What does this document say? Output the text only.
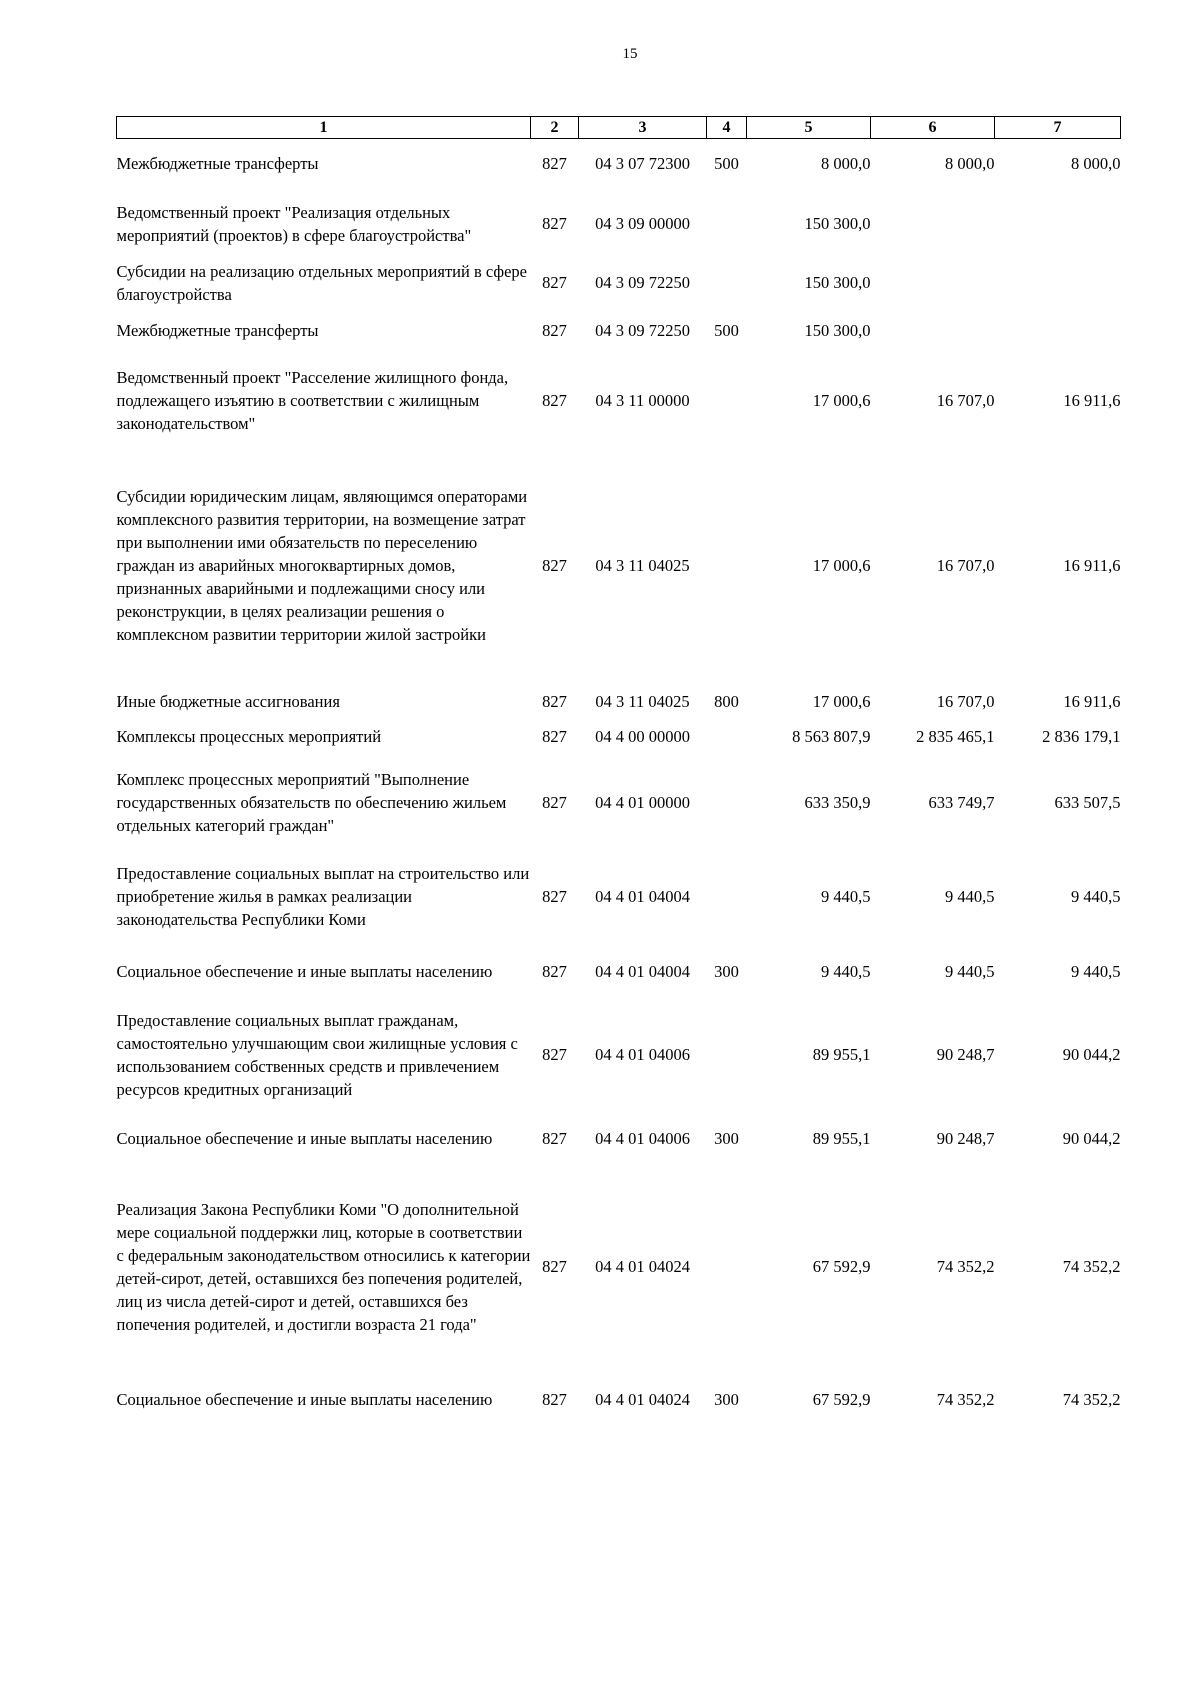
15
1	2	3	4	5	6	7
Межбюджетные трансферты	827	04 3 07 72300	500	8 000,0	8 000,0	8 000,0
Ведомственный проект "Реализация отдельных мероприятий (проектов) в сфере благоустройства"	827	04 3 09 00000		150 300,0		
Субсидии на реализацию отдельных мероприятий в сфере благоустройства	827	04 3 09 72250		150 300,0		
Межбюджетные трансферты	827	04 3 09 72250	500	150 300,0		
Ведомственный проект "Расселение жилищного фонда, подлежащего изъятию в соответствии с жилищным законодательством"	827	04 3 11 00000		17 000,6	16 707,0	16 911,6
Субсидии юридическим лицам, являющимся операторами комплексного развития территории, на возмещение затрат при выполнении ими обязательств по переселению граждан из аварийных многоквартирных домов, признанных аварийными и подлежащими сносу или реконструкции, в целях реализации решения о комплексном развитии территории жилой застройки	827	04 3 11 04025		17 000,6	16 707,0	16 911,6
Иные бюджетные ассигнования	827	04 3 11 04025	800	17 000,6	16 707,0	16 911,6
Комплексы процессных мероприятий	827	04 4 00 00000		8 563 807,9	2 835 465,1	2 836 179,1
Комплекс процессных мероприятий "Выполнение государственных обязательств по обеспечению жильем отдельных категорий граждан"	827	04 4 01 00000		633 350,9	633 749,7	633 507,5
Предоставление социальных выплат на строительство или приобретение жилья в рамках реализации законодательства Республики Коми	827	04 4 01 04004		9 440,5	9 440,5	9 440,5
Социальное обеспечение и иные выплаты населению	827	04 4 01 04004	300	9 440,5	9 440,5	9 440,5
Предоставление социальных выплат гражданам, самостоятельно улучшающим свои жилищные условия с использованием собственных средств и привлечением ресурсов кредитных организаций	827	04 4 01 04006		89 955,1	90 248,7	90 044,2
Социальное обеспечение и иные выплаты населению	827	04 4 01 04006	300	89 955,1	90 248,7	90 044,2
Реализация Закона Республики Коми "О дополнительной мере социальной поддержки лиц, которые в соответствии с федеральным законодательством относились к категории детей-сирот, детей, оставшихся без попечения родителей, лиц из числа детей-сирот и детей, оставшихся без попечения родителей, и достигли возраста 21 года"	827	04 4 01 04024		67 592,9	74 352,2	74 352,2
Социальное обеспечение и иные выплаты населению	827	04 4 01 04024	300	67 592,9	74 352,2	74 352,2
